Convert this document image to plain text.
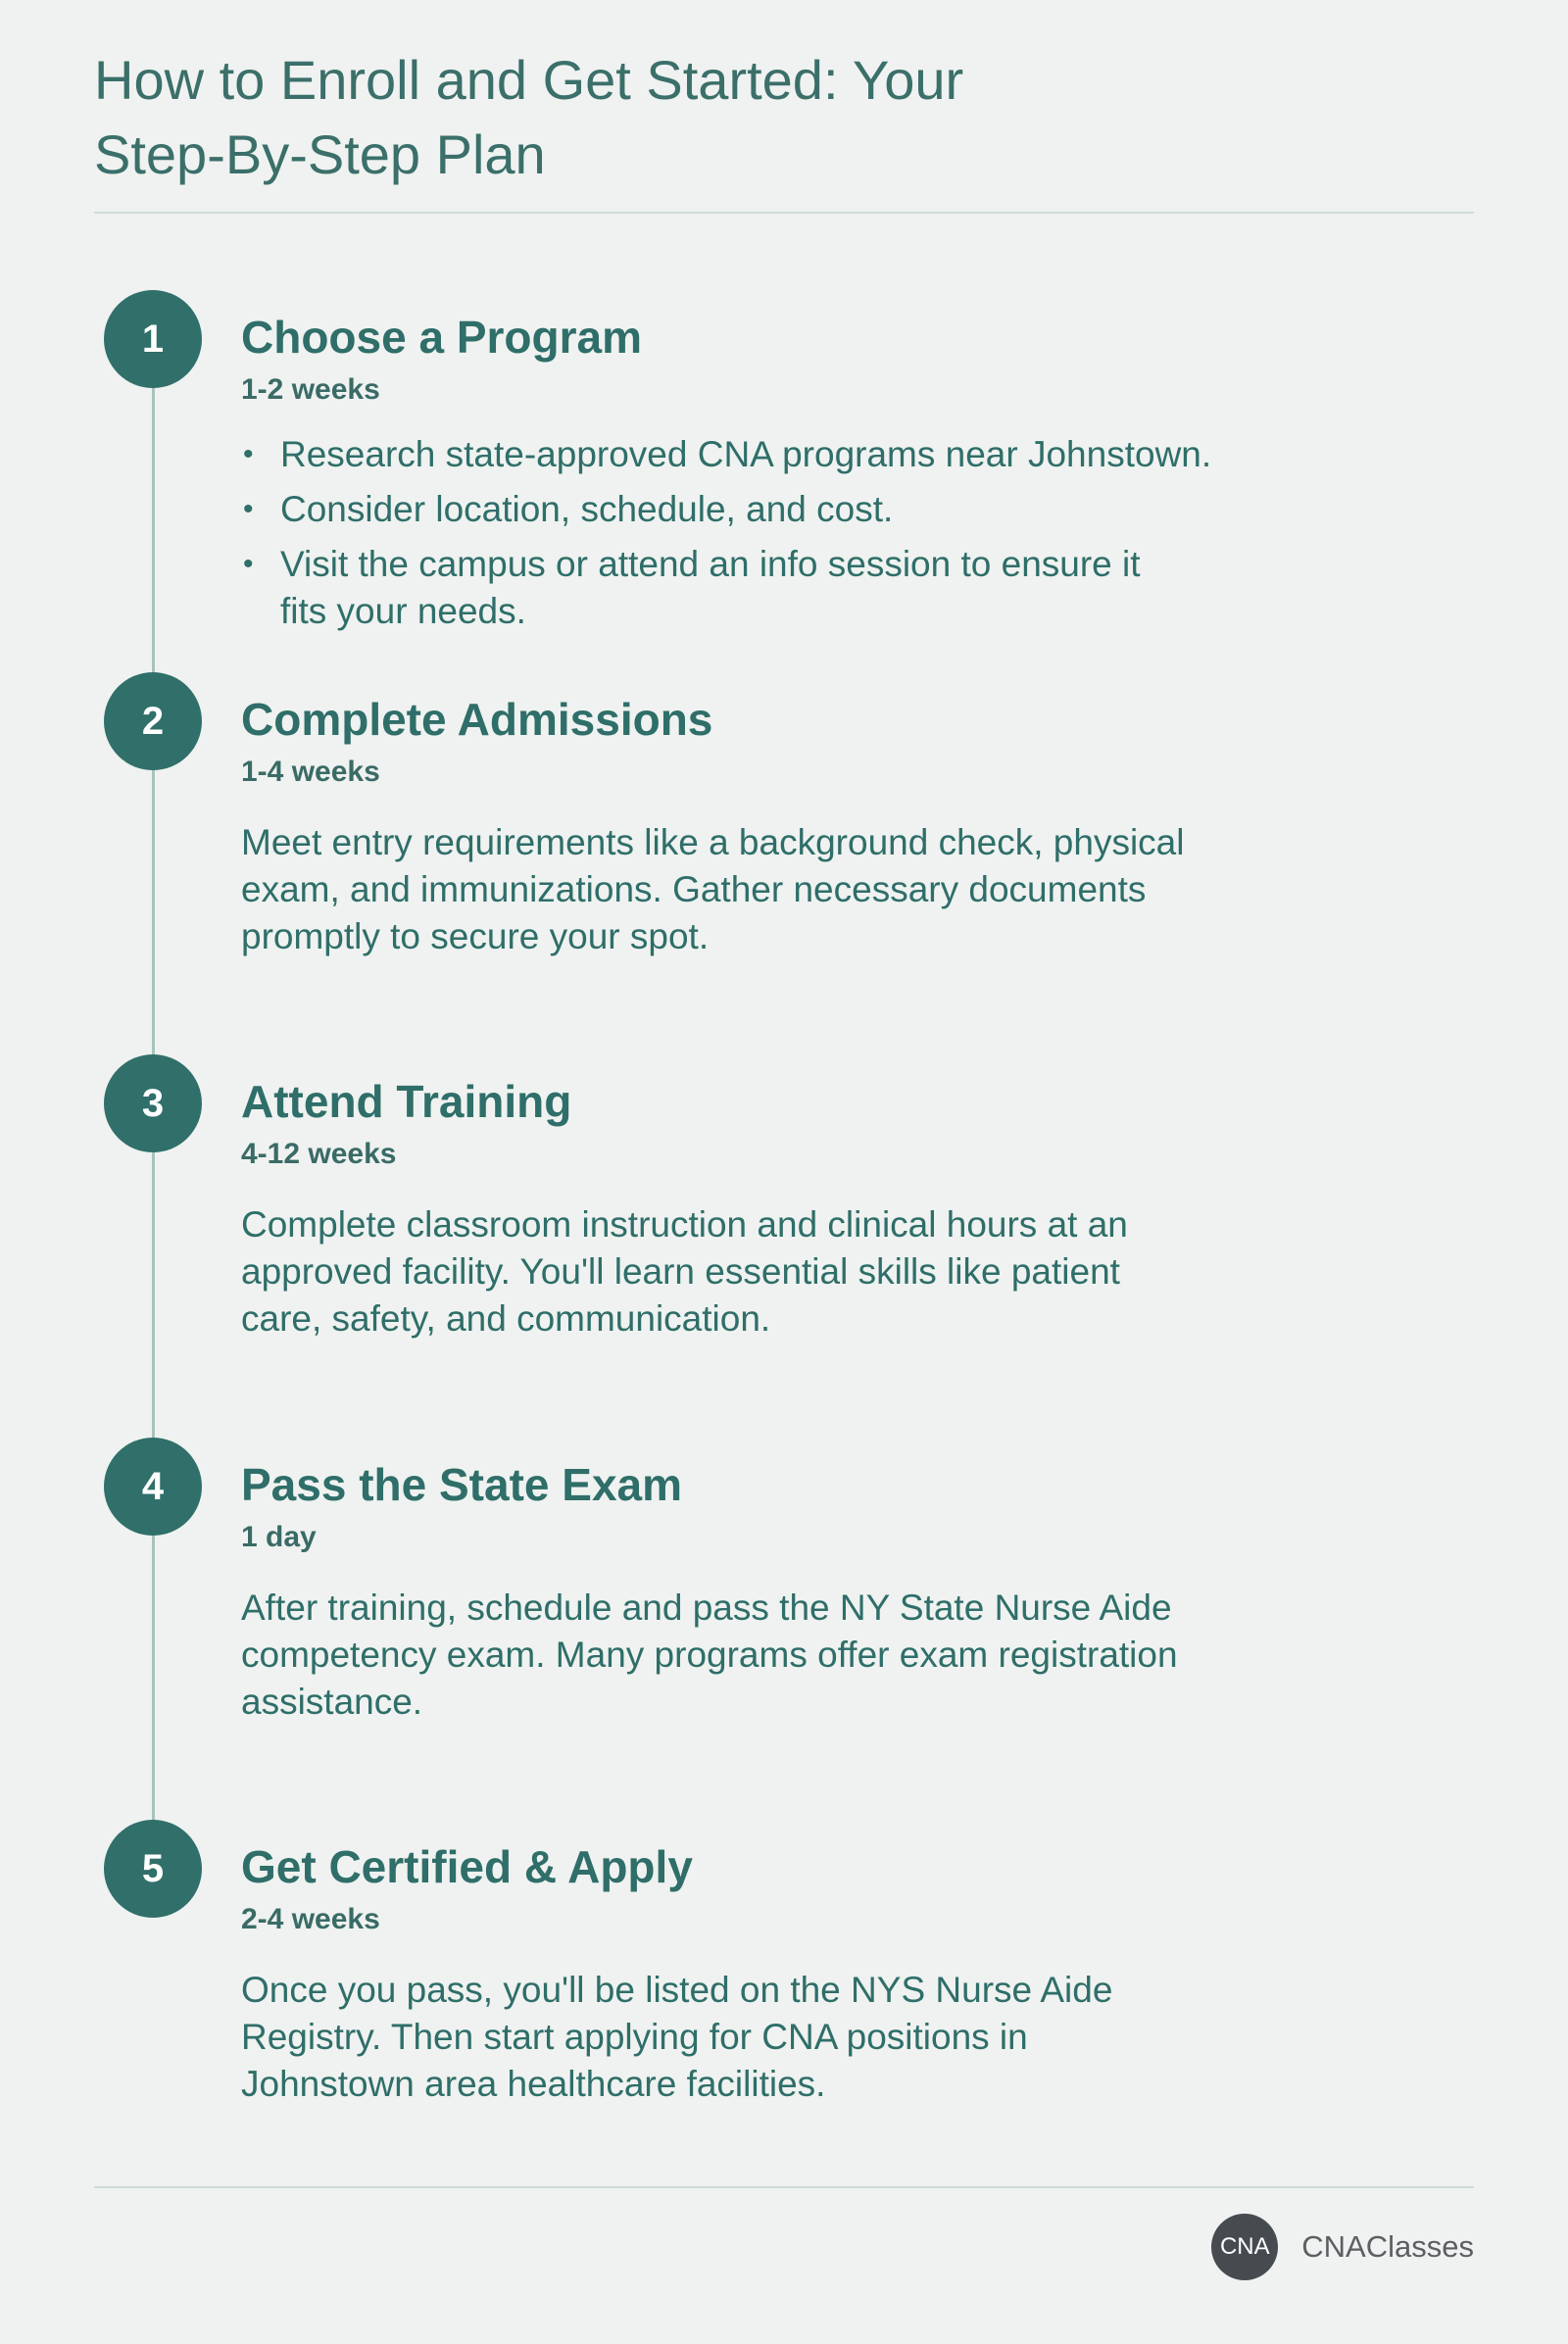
How to Enroll and Get Started: Your Step-By-Step Plan
1	Choose a Program
1-2 weeks
• Research state-approved CNA programs near Johnstown.
• Consider location, schedule, and cost.
• Visit the campus or attend an info session to ensure it fits your needs.
2	Complete Admissions
1-4 weeks

Meet entry requirements like a background check, physical exam, and immunizations. Gather necessary documents promptly to secure your spot.

3	Attend Training
4-12 weeks

Complete classroom instruction and clinical hours at an approved facility. You'll learn essential skills like patient care, safety, and communication.

4	Pass the State Exam
1 day

After training, schedule and pass the NY State Nurse Aide competency exam. Many programs offer exam registration assistance.

5	Get Certified & Apply
2-4 weeks

Once you pass, you'll be listed on the NYS Nurse Aide Registry. Then start applying for CNA positions in Johnstown area healthcare facilities.

CNA CNAClasses
